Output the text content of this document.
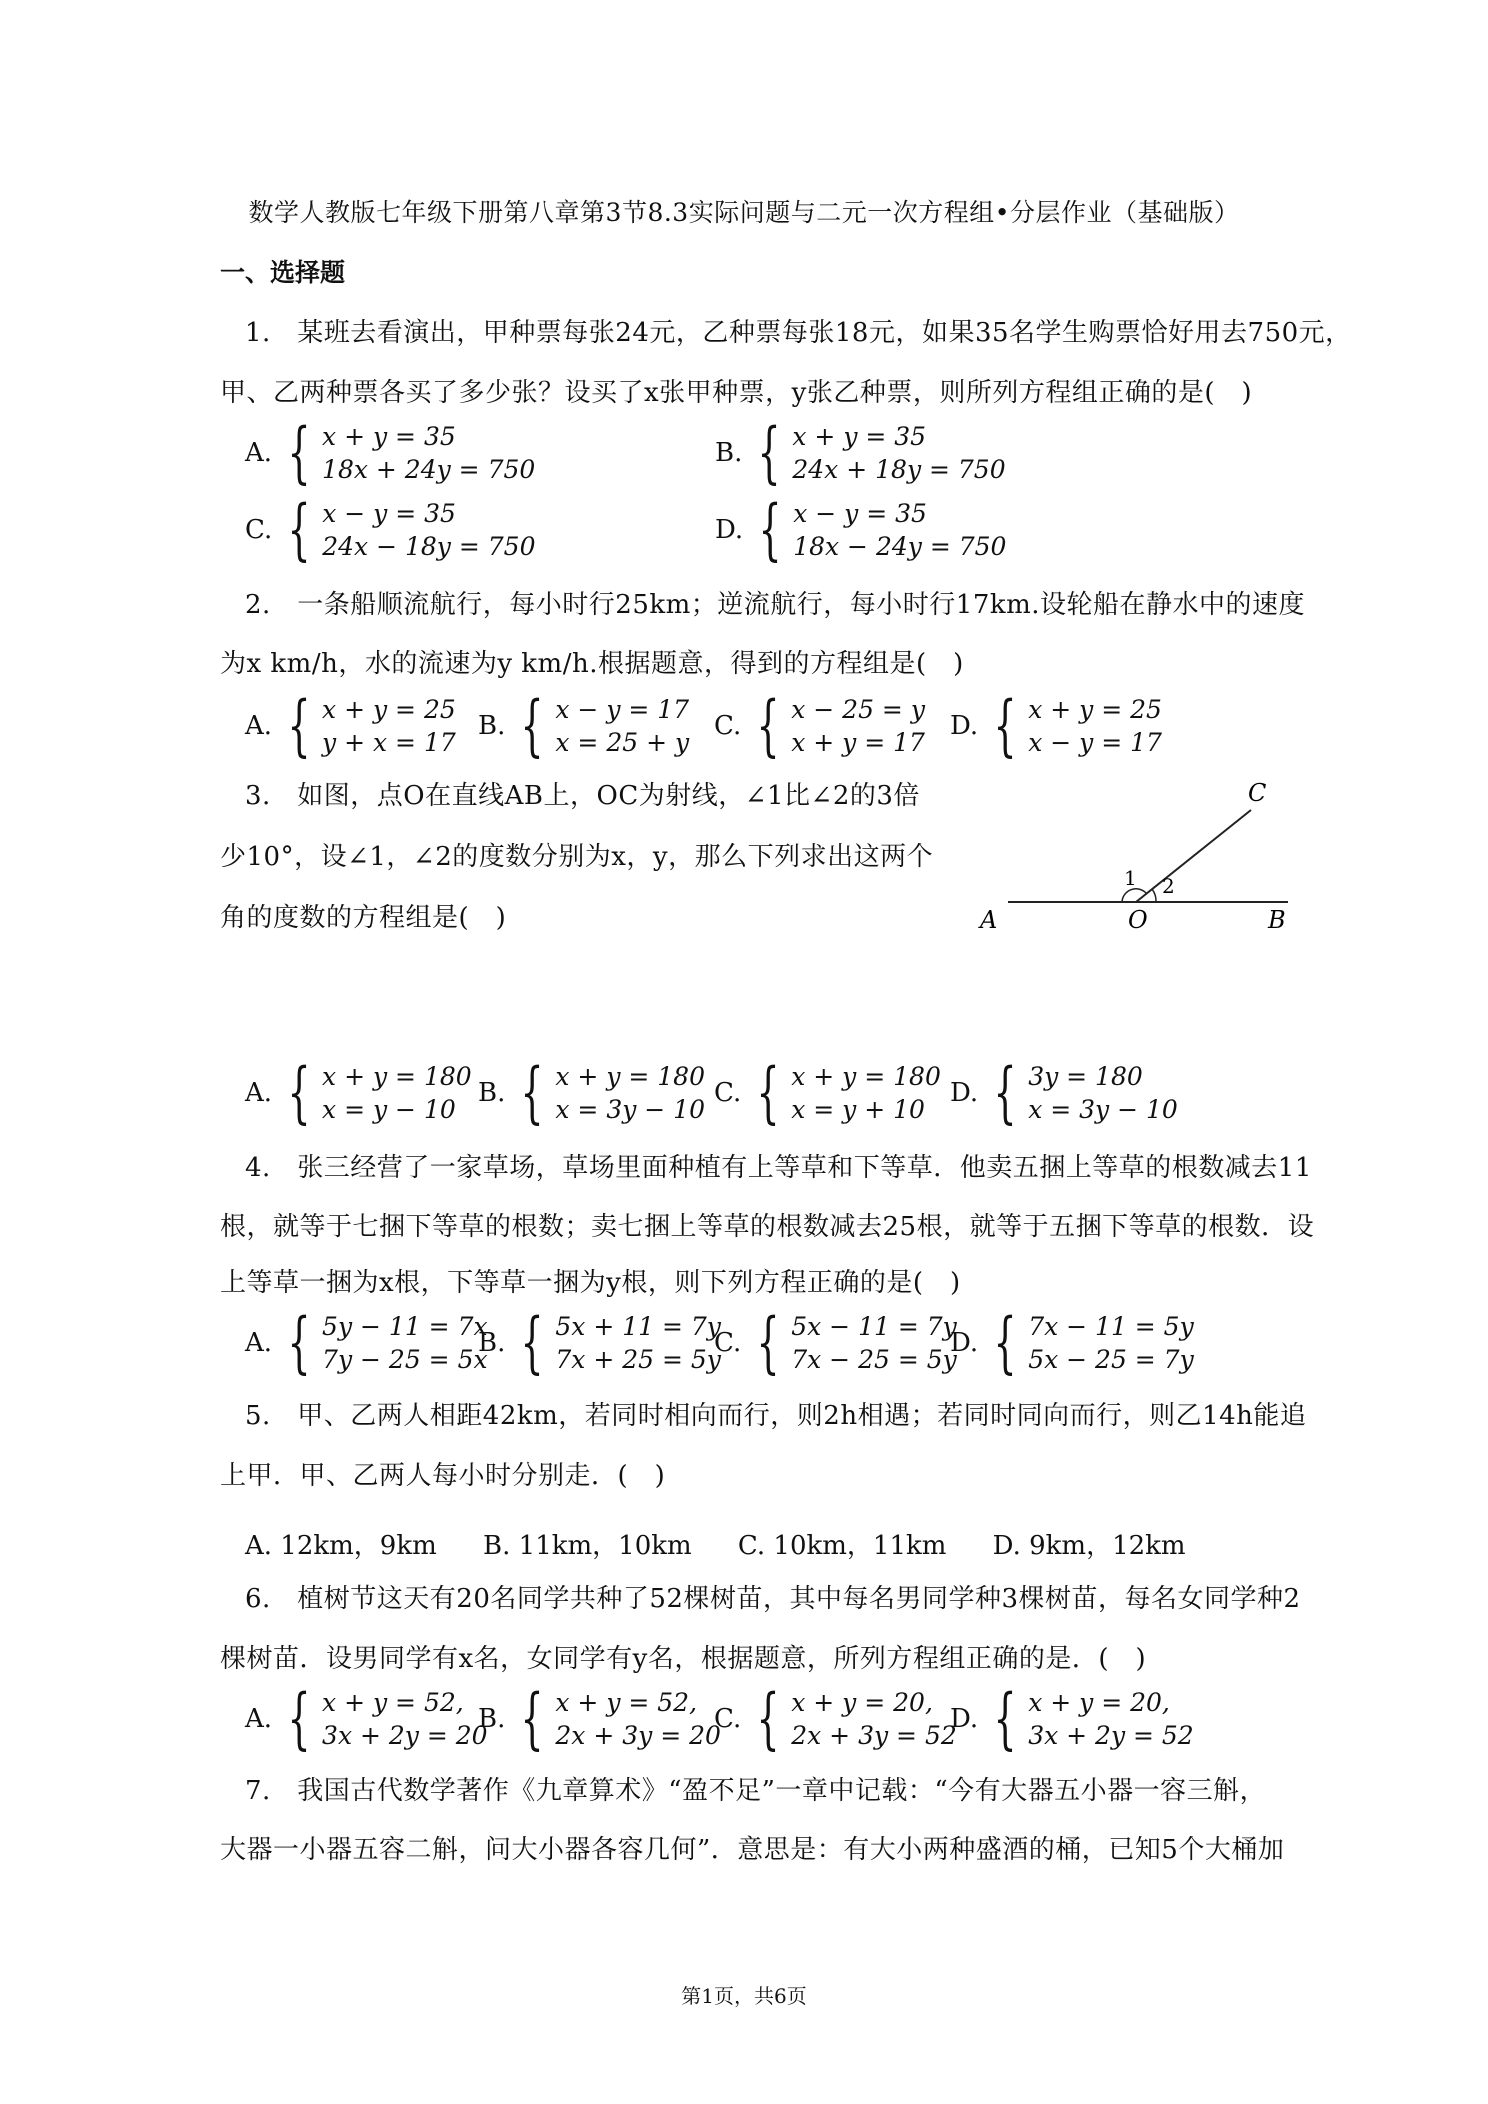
数学人教版七年级下册第八章第3节8.3实际问题与二元一次方程组•分层作业（基础版）
一、选择题
1.　某班去看演出，甲种票每张24元，乙种票每张18元，如果35名学生购票恰好用去750元，
甲、乙两种票各买了多少张？设买了x张甲种票，y张乙种票，则所列方程组正确的是(　)
A. { x + y = 35
18x + 24y = 750
B. { x + y = 35
24x + 18y = 750
C. { x − y = 35
24x − 18y = 750
D. { x − y = 35
18x − 24y = 750
2.　一条船顺流航行，每小时行25km；逆流航行，每小时行17km.设轮船在静水中的速度
为x km/h，水的流速为y km/h.根据题意，得到的方程组是(　)
A. { x + y = 25
y + x = 17
B. { x − y = 17
x = 25 + y
C. { x − 25 = y
x + y = 17
D. { x + y = 25
x − y = 17
3.　如图，点O在直线AB上，OC为射线，∠1比∠2的3倍
少10°，设∠1，∠2的度数分别为x，y，那么下列求出这两个
角的度数的方程组是(　)	A	O	B
C
1 2
A. { x + y = 180
x = y − 10
B. { x + y = 180
x = 3y − 10
C. { x + y = 180
x = y + 10
D. { 3y = 180
x = 3y − 10
4.　张三经营了一家草场，草场里面种植有上等草和下等草．他卖五捆上等草的根数减去11
根，就等于七捆下等草的根数；卖七捆上等草的根数减去25根，就等于五捆下等草的根数．设
上等草一捆为x根，下等草一捆为y根，则下列方程正确的是(　)
A. { 5y − 11 = 7x
7y − 25 = 5x
B. { 5x + 11 = 7y
7x + 25 = 5y
C. { 5x − 11 = 7y
7x − 25 = 5y
D. { 7x − 11 = 5y
5x − 25 = 7y
5.　甲、乙两人相距42km，若同时相向而行，则2h相遇；若同时同向而行，则乙14h能追
上甲．甲、乙两人每小时分别走．(　)
A. 12km，9km B. 11km，10km C. 10km，11km D. 9km，12km
6.　植树节这天有20名同学共种了52棵树苗，其中每名男同学种3棵树苗，每名女同学种2
棵树苗．设男同学有x名，女同学有y名，根据题意，所列方程组正确的是．(　)
A. { x + y = 52,
3x + 2y = 20
B. { x + y = 52,
2x + 3y = 20
C. { x + y = 20,
2x + 3y = 52
D. { x + y = 20,
3x + 2y = 52
7.　我国古代数学著作《九章算术》“盈不足”一章中记载：“今有大器五小器一容三斛，
大器一小器五容二斛，问大小器各容几何”．意思是：有大小两种盛酒的桶，已知5个大桶加
第1页，共6页
